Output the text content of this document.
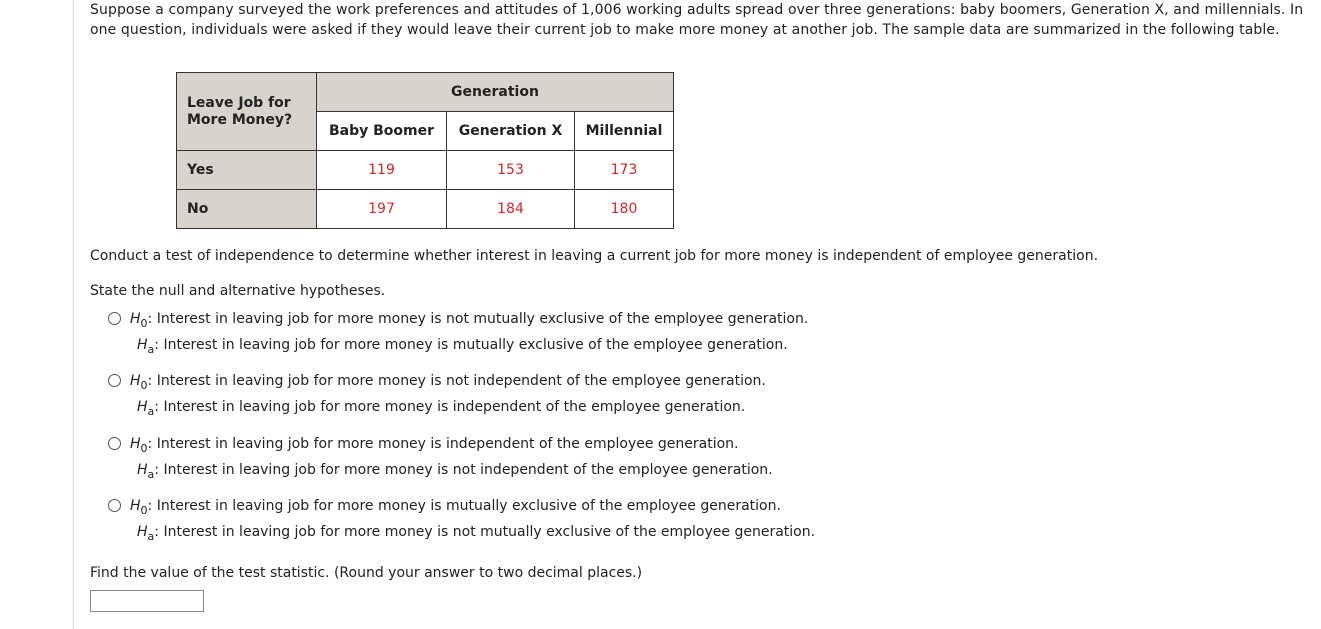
Suppose a company surveyed the work preferences and attitudes of 1,006 working adults spread over three generations: baby boomers, Generation X, and millennials. In one question, individuals were asked if they would leave their current job to make more money at another job. The sample data are summarized in the following table.

Leave Job for More Money?	Generation		
	Baby Boomer	Generation X	Millennial
Yes	119	153	173
No	197	184	180

Conduct a test of independence to determine whether interest in leaving a current job for more money is independent of employee generation.

State the null and alternative hypotheses.

$H_0$: Interest in leaving job for more money is not mutually exclusive of the employee generation.
$H_a$: Interest in leaving job for more money is mutually exclusive of the employee generation.
$H_0$: Interest in leaving job for more money is not independent of the employee generation.
$H_a$: Interest in leaving job for more money is independent of the employee generation.
$H_0$: Interest in leaving job for more money is independent of the employee generation.
$H_a$: Interest in leaving job for more money is not independent of the employee generation.
$H_0$: Interest in leaving job for more money is mutually exclusive of the employee generation.
$H_a$: Interest in leaving job for more money is not mutually exclusive of the employee generation.

Find the value of the test statistic. (Round your answer to two decimal places.)
